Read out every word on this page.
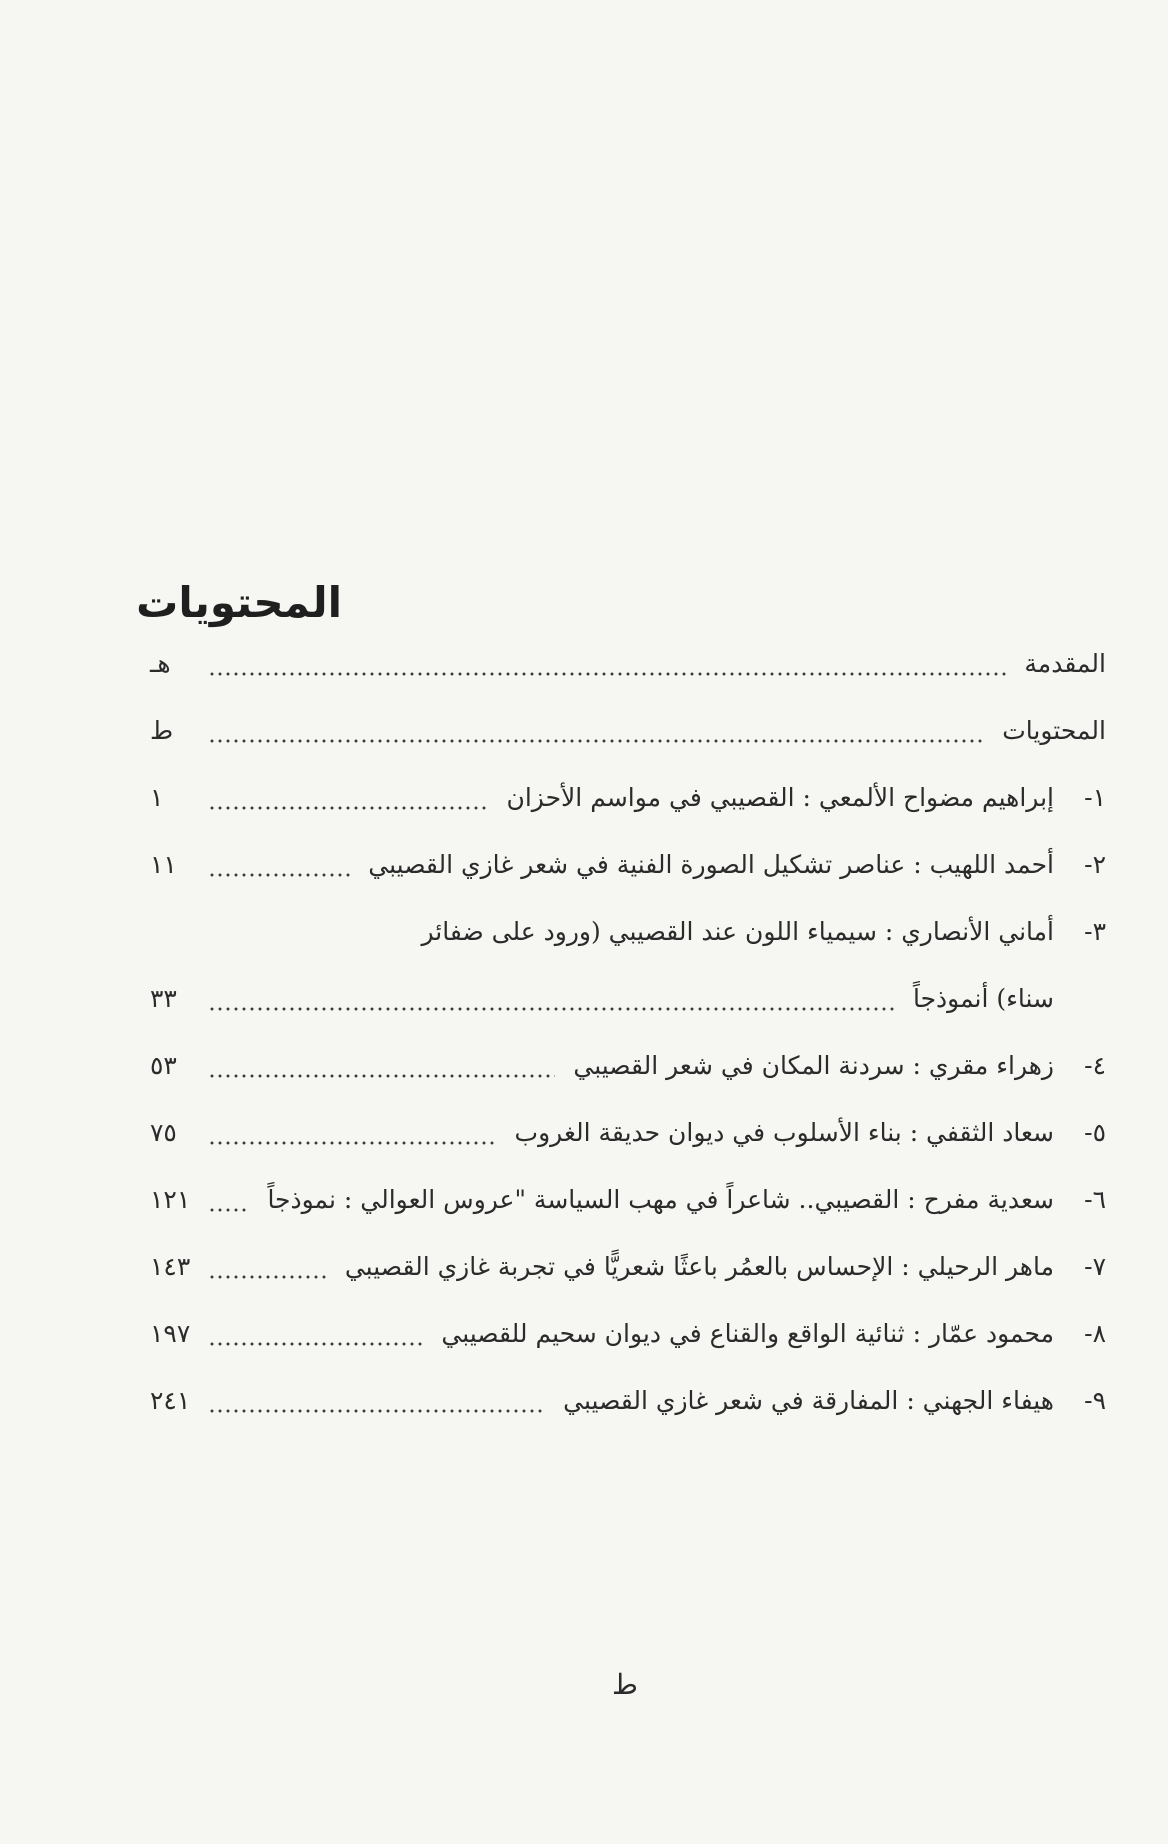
المحتويات
المقدمة
هـ
المحتويات
ط
١-
إبراهيم مضواح الألمعي : القصيبي في مواسم الأحزان
١
٢-
أحمد اللهيب : عناصر تشكيل الصورة الفنية في شعر غازي القصيبي
١١
٣-
أماني الأنصاري : سيمياء اللون عند القصيبي (ورود على ضفائر
سناء) أنموذجاً
٣٣
٤-
زهراء مقري : سردنة المكان في شعر القصيبي
٥٣
٥-
سعاد الثقفي : بناء الأسلوب في ديوان حديقة الغروب
٧٥
٦-
سعدية مفرح : القصيبي.. شاعراً في مهب السياسة "عروس العوالي : نموذجاً
١٢١
٧-
ماهر الرحيلي : الإحساس بالعمُر باعثًا شعريًّا في تجربة غازي القصيبي
١٤٣
٨-
محمود عمّار : ثنائية الواقع والقناع في ديوان سحيم للقصيبي
١٩٧
٩-
هيفاء الجهني : المفارقة في شعر غازي القصيبي
٢٤١
ط
